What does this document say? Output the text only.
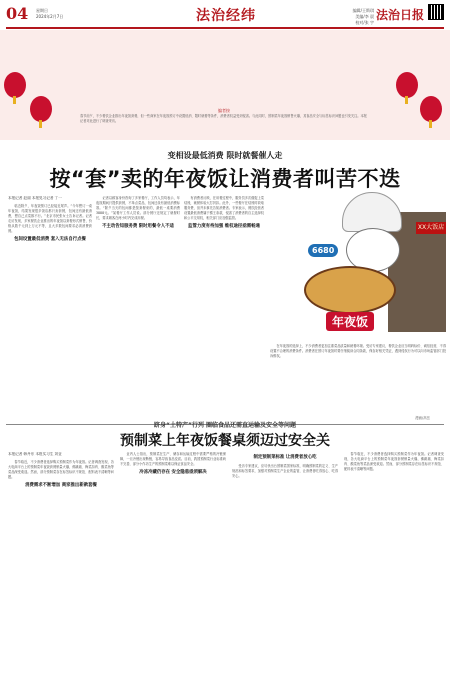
04 星期日
2024年2月7日	法治经纬	编辑/王斯琪
美编/李 晨
校对/张 宇
法治日报
编者按
春节前夕，不少餐饮企业推出年夜饭套餐，但一些商家在年夜饭预订中设置低消、限时就餐等条件，消费者权益受到侵害。与此同时，预制菜年夜饭销售火爆，其食品安全与标签标识问题也引发关注。本报记者对此进行了调查采访。
变相设最低消费 限时就餐催人走
按“套”卖的年夜饭让消费者叫苦不迭
本报记者 赵丽 本报见习记者 丁一

临近除夕，年夜饭预订已经接近尾声。“今年想订一桌年夜饭，结果发现很多饭店都只卖套餐，包间还有最低消费，想自己点菜都不行。”北京市民张女士告诉记者。记者走访发现，多家餐饮企业推出的年夜饭以套餐形式销售，价格从数千元到上万元不等，且大多数包间要求必须消费套餐。

包间设置最低消费 套入无法自行点餐

记者以顾客身份咨询了多家餐厅，工作人员均表示，年夜饭期间只提供套餐，不单点菜品，包间还设有最低消费标准。“除夕当天的包间都是按套餐来的，最低一桌要消费3888元。”某餐厅工作人员说。部分餐厅还规定了就餐时长，要求顾客在两小时内完成用餐。

不主动告知服务费 限时用餐令人不适

有消费者反映，在用餐过程中，服务员多次催促上菜结账，就餐体验大打折扣。此外，一些餐厅在结账时收取服务费，但并未事先告知消费者。专家表示，餐饮经营者设置最低消费属于霸王条款，侵害了消费者的自主选择权和公平交易权，相关部门应加强监管。

监管力度有待加强 维权途径亟需畅通	XX大饭店
6680
年夜饭

在年夜饭的选择上，不少消费者更加注重菜品质量和就餐环境。受访专家建议，餐饮企业应当明码标价、诚信经营，不得设置不合理的消费条件。消费者在预订年夜饭时要仔细阅读合同条款，保存好相关凭证，遇到侵权行为可以向市场监管部门投诉维权。

漫画/高岳
跻身“土特产”行列 圈临食品还需直运输及安全等问题
预制菜上年夜饭餐桌须迈过安全关
本报记者 韩丹东 本报实习生 刘亚

春节临近，不少消费者选择购买预制菜作为年夜饭。记者调查发现，各大电商平台上的预制菜年夜饭套餐销量火爆，佛跳墙、梅菜扣肉、酸菜鱼等菜品深受欢迎。然而，部分预制菜存在标签标识不规范、配料表不清晰等问题。

消费需求不断增加 商家推出新款套餐

业内人士指出，预制菜在生产、储存和运输过程中需要严格的冷链保障，一旦冷链出现断链，容易导致食品变质。目前，我国预制菜行业标准尚不完善，部分小作坊生产的预制菜难以保证食品安全。

冷冻冷藏仍存在 安全隐患亟须解决
制定预制菜标准 让消费者放心吃

受访专家建议，应尽快出台预制菜国家标准，明确预制菜的定义、生产规范和标签要求，加强对预制菜生产企业的监管，让消费者吃得放心、吃得安心。

春节临近，不少消费者选择购买预制菜作为年夜饭。记者调查发现，各大电商平台上的预制菜年夜饭套餐销量火爆，佛跳墙、梅菜扣肉、酸菜鱼等菜品深受欢迎。然而，部分预制菜存在标签标识不规范、配料表不清晰等问题。
